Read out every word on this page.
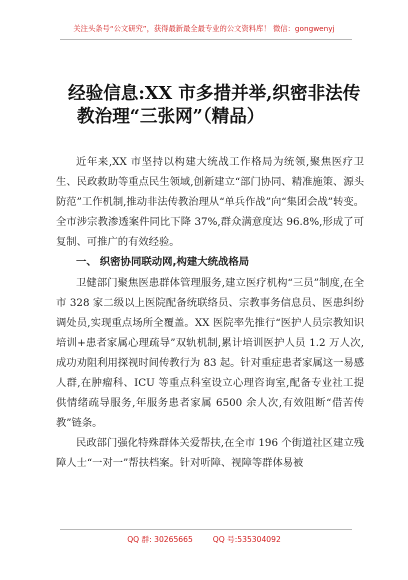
关注头条号“公文研究”，获得最新最全最专业的公文资料库！ 微信：gongwenyj
经验信息:XX 市多措并举,织密非法传
教治理“三张网”（精品）

近年来,XX 市坚持以构建大统战工作格局为统领,聚焦医疗卫生、民政救助等重点民生领域,创新建立“部门协同、精准施策、源头防范”工作机制,推动非法传教治理从“单兵作战”向“集团会战”转变。全市涉宗教渗透案件同比下降 37%,群众满意度达 96.8%,形成了可复制、可推广的有效经验。

一、 织密协同联动网,构建大统战格局

卫健部门聚焦医患群体管理服务,建立医疗机构“三员”制度,在全市 328 家二级以上医院配备统联络员、宗教事务信息员、医患纠纷调处员,实现重点场所全覆盖。XX 医院率先推行“医护人员宗教知识培训+患者家属心理疏导”双轨机制,累计培训医护人员 1.2 万人次,成功劝阻利用探视时间传教行为 83 起。针对重症患者家属这一易感人群,在肿瘤科、ICU 等重点科室设立心理咨询室,配备专业社工提供情绪疏导服务,年服务患者家属 6500 余人次,有效阻断“借苦传教”链条。

民政部门强化特殊群体关爱帮扶,在全市 196 个街道社区建立残障人士“一对一”帮扶档案。针对听障、视障等群体易被

QQ 群: 30265665	QQ 号:535304092
